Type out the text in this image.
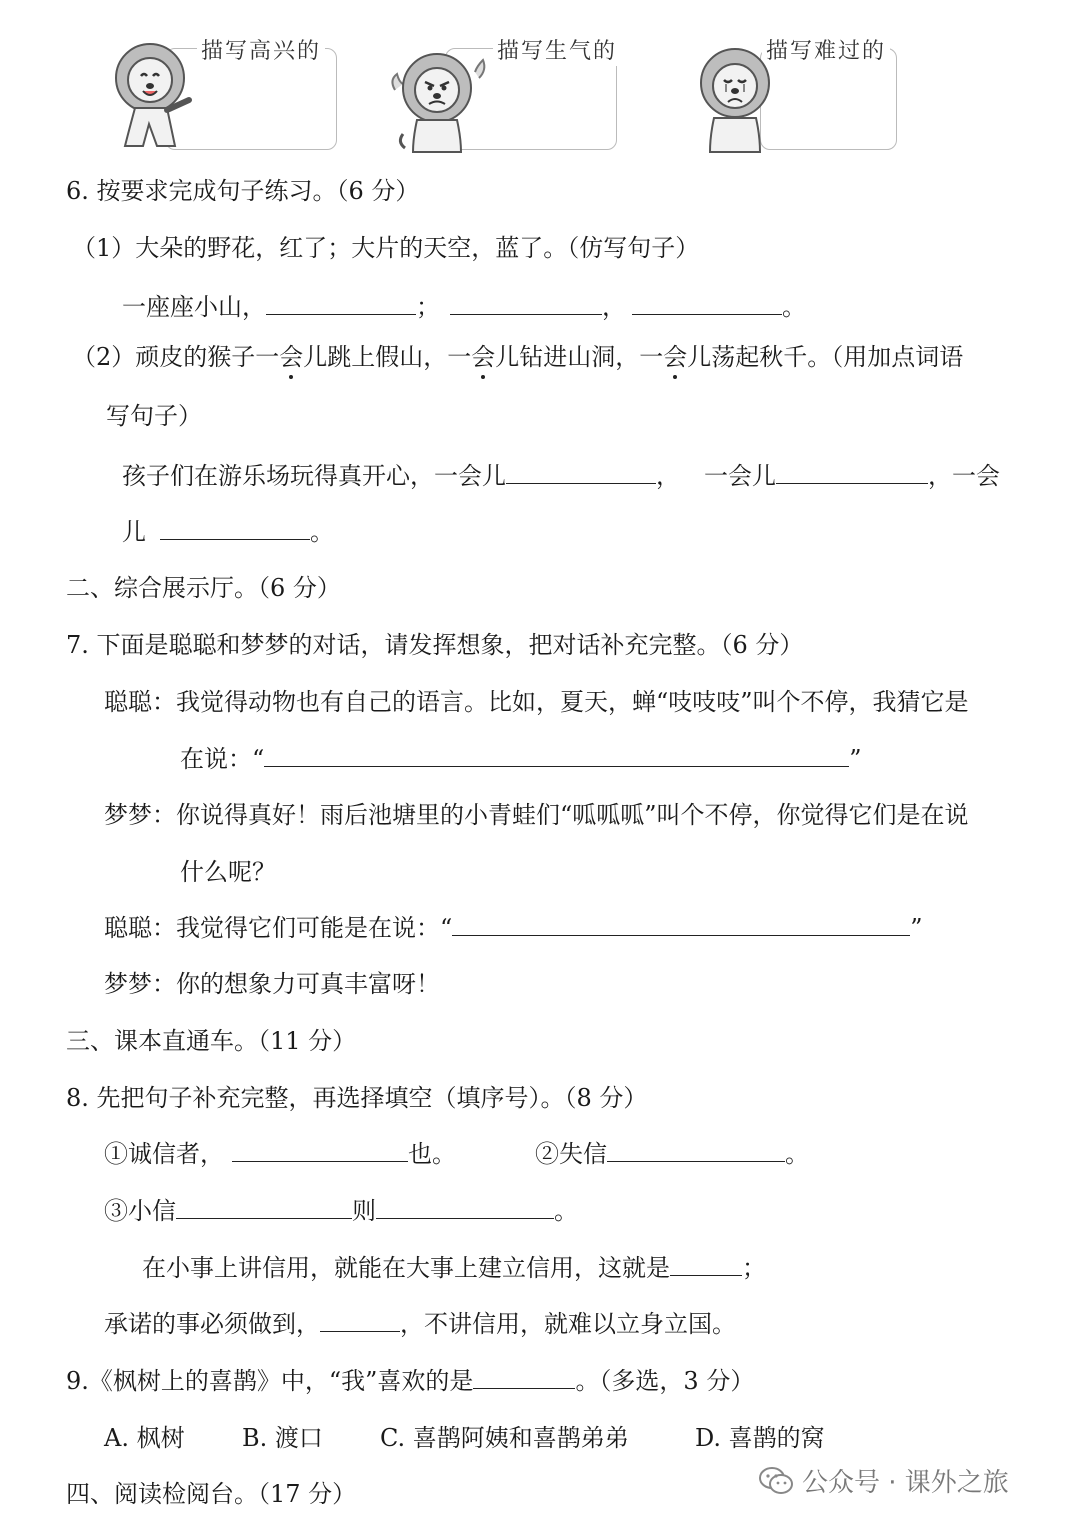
描写高兴的	描写生气的	描写难过的
6. 按要求完成句子练习。（6 分）
（1）大朵的野花，红了；大片的天空，蓝了。（仿写句子）
一座座小山，	；	，	。
（2）顽皮的猴子一会儿跳上假山，一会儿钻进山洞，一会儿荡起秋千。（用加点词语
写句子）
孩子们在游乐场玩得真开心，一会儿	， 一会儿	，一会
儿	。
二、综合展示厅。（6 分）
7. 下面是聪聪和梦梦的对话，请发挥想象，把对话补充完整。（6 分）
聪聪：我觉得动物也有自己的语言。比如，夏天，蝉“吱吱吱”叫个不停，我猜它是
在说：“	”
梦梦：你说得真好！雨后池塘里的小青蛙们“呱呱呱”叫个不停，你觉得它们是在说
什么呢？
聪聪：我觉得它们可能是在说：“	”
梦梦：你的想象力可真丰富呀！
三、课本直通车。（11 分）
8. 先把句子补充完整，再选择填空（填序号）。（8 分）
①诚信者，	也。	②失信	。
③小信	则	。
在小事上讲信用，就能在大事上建立信用，这就是	；
承诺的事必须做到，	，不讲信用，就难以立身立国。
9.《枫树上的喜鹊》中，“我”喜欢的是	。（多选，3 分）
A. 枫树 B. 渡口 C. 喜鹊阿姨和喜鹊弟弟	D. 喜鹊的窝
四、阅读检阅台。（17 分）	公众号 · 课外之旅
